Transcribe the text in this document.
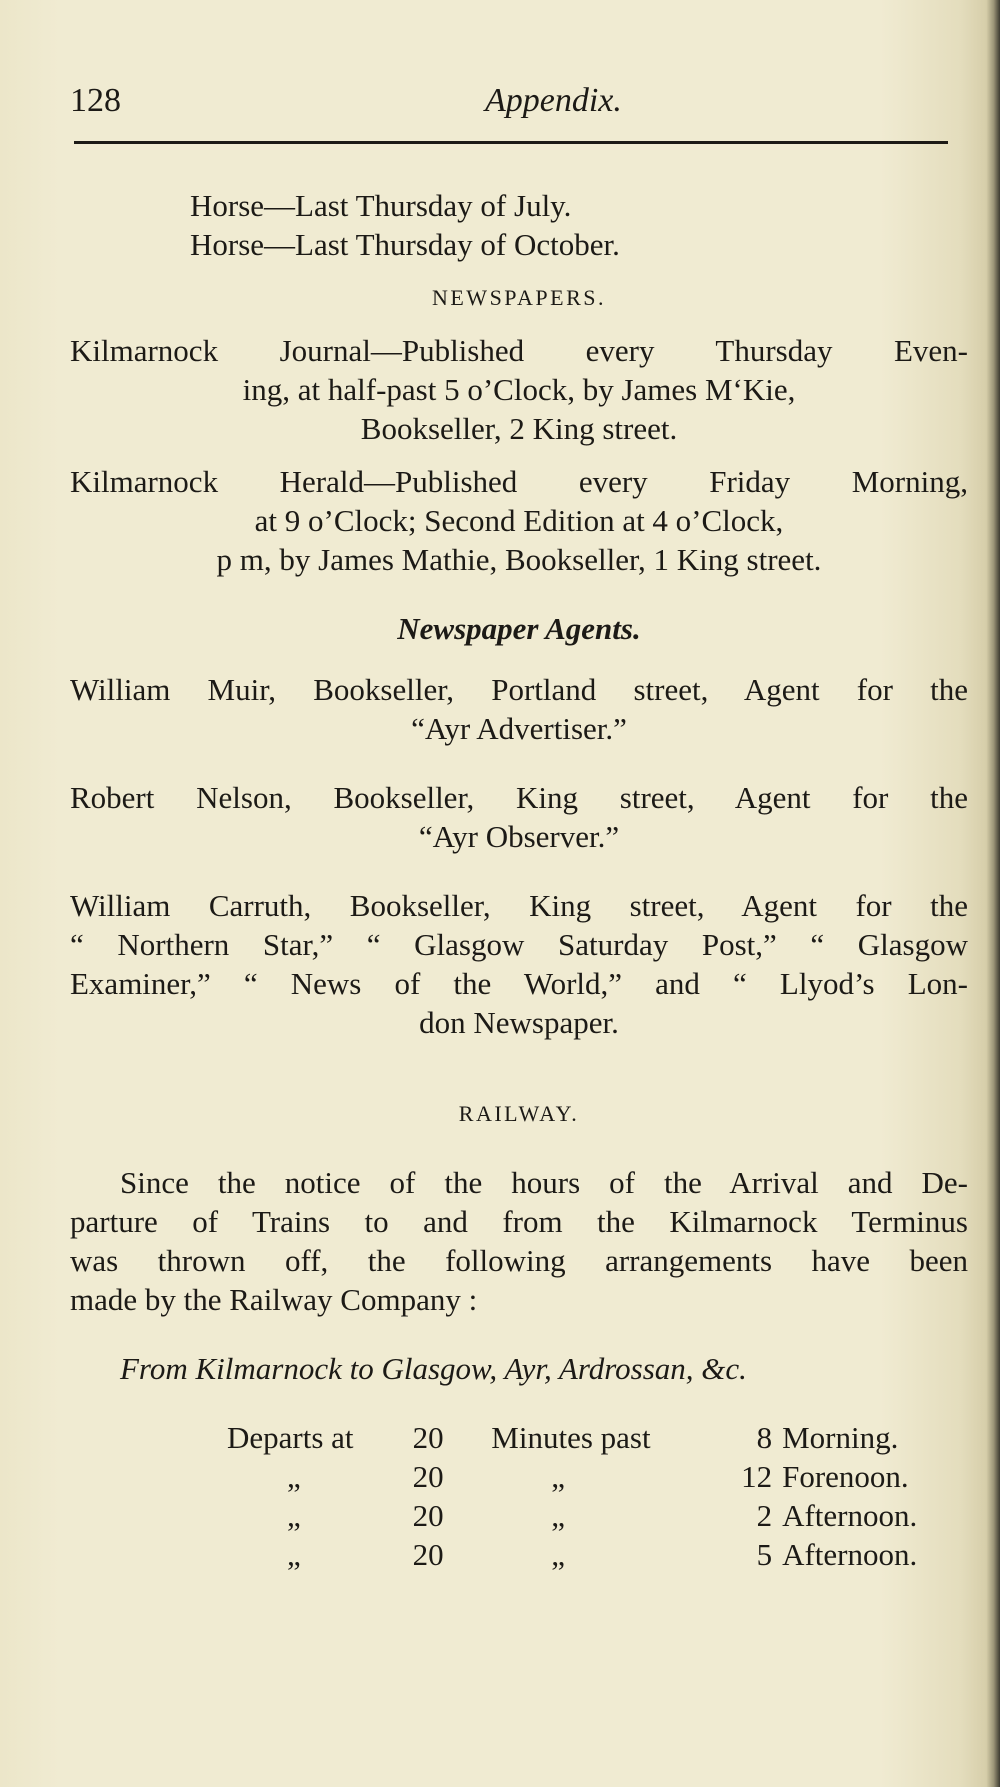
128	Appendix.
Horse—Last Thursday of July.
Horse—Last Thursday of October.
NEWSPAPERS.
Kilmarnock Journal—Published every Thursday Even-
ing, at half-past 5 o’Clock, by James M‘Kie,
Bookseller, 2 King street.
Kilmarnock Herald—Published every Friday Morning,
at 9 o’Clock; Second Edition at 4 o’Clock,
p m, by James Mathie, Bookseller, 1 King street.
Newspaper Agents.
William Muir, Bookseller, Portland street, Agent for the
“Ayr Advertiser.”
Robert Nelson, Bookseller, King street, Agent for the
“Ayr Observer.”
William Carruth, Bookseller, King street, Agent for the
“ Northern Star,” “ Glasgow Saturday Post,” “ Glasgow
Examiner,” “ News of the World,” and “ Llyod’s Lon-
don Newspaper.
RAILWAY.
Since the notice of the hours of the Arrival and De-
parture of Trains to and from the Kilmarnock Terminus
was thrown off, the following arrangements have been
made by the Railway Company :
From Kilmarnock to Glasgow, Ayr, Ardrossan, &c.
Departs at	20	Minutes past	8	Morning.
„	20	„	12	Forenoon.
„	20	„	2	Afternoon.
„	20	„	5	Afternoon.
